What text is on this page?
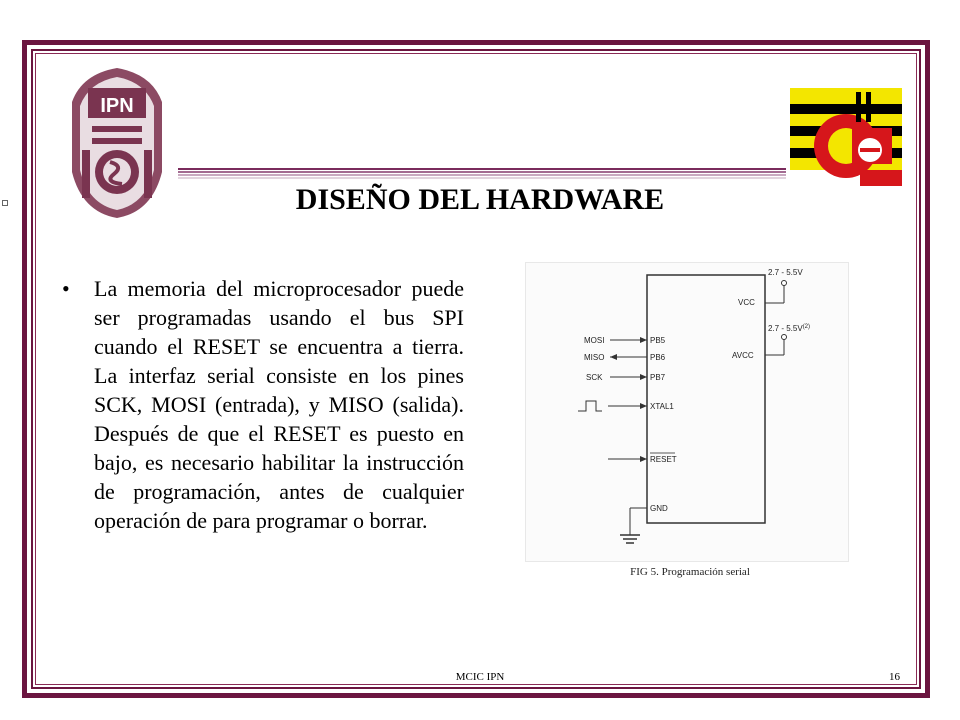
IPN
DISEÑO DEL HARDWARE
• La memoria del microprocesador puede ser programadas usando el bus SPI cuando el RESET se encuentra a tierra. La interfaz serial consiste en los pines SCK, MOSI (entrada), y MISO (salida). Después de que el RESET es puesto en bajo, es necesario habilitar la instrucción de programación, antes de cualquier operación de para programar o borrar.

2.7 - 5.5V
$2.7 - 5.5V^{(2)}$
VCC
AVCC
MOSI
MISO
SCK
PB5
PB6
PB7
XTAL1
RESET
GND
FIG 5. Programación serial
MCIC IPN	16
